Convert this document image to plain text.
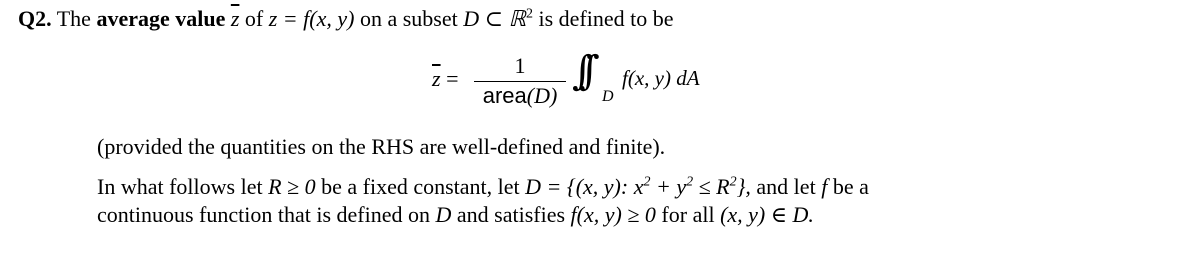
Q2. The average value $\overline{z}$ of z = f(x, y) on a subset D ⊂ ℝ$^2$ is defined to be
$\overline{z}$ =
1
area(D)
∫∫
D
f(x, y) dA
(provided the quantities on the RHS are well-defined and finite).
In what follows let R ≥ 0 be a fixed constant, let D = {(x, y): $x^2 + y^2 \le R^2$}, and let f be a
continuous function that is defined on D and satisfies f(x, y) ≥ 0 for all (x, y) ∈ D.
